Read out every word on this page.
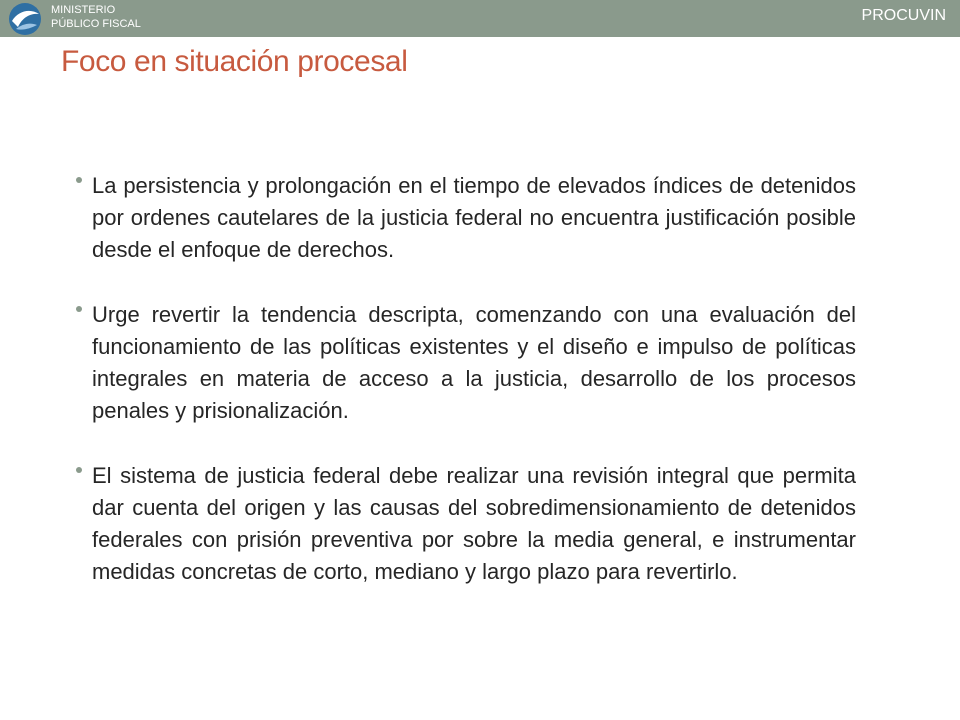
MINISTERIO
PÚBLICO FISCAL	PROCUVIN
Foco en situación procesal
La persistencia y prolongación en el tiempo de elevados índices de detenidos por ordenes cautelares de la justicia federal no encuentra justificación posible desde el enfoque de derechos.
Urge revertir la tendencia descripta, comenzando con una evaluación del funcionamiento de las políticas existentes y el diseño e impulso de políticas integrales en materia de acceso a la justicia, desarrollo de los procesos penales y prisionalización.
El sistema de justicia federal debe realizar una revisión integral que permita dar cuenta del origen y las causas del sobredimensionamiento de detenidos federales con prisión preventiva por sobre la media general, e instrumentar medidas concretas de corto, mediano y largo plazo para revertirlo.
